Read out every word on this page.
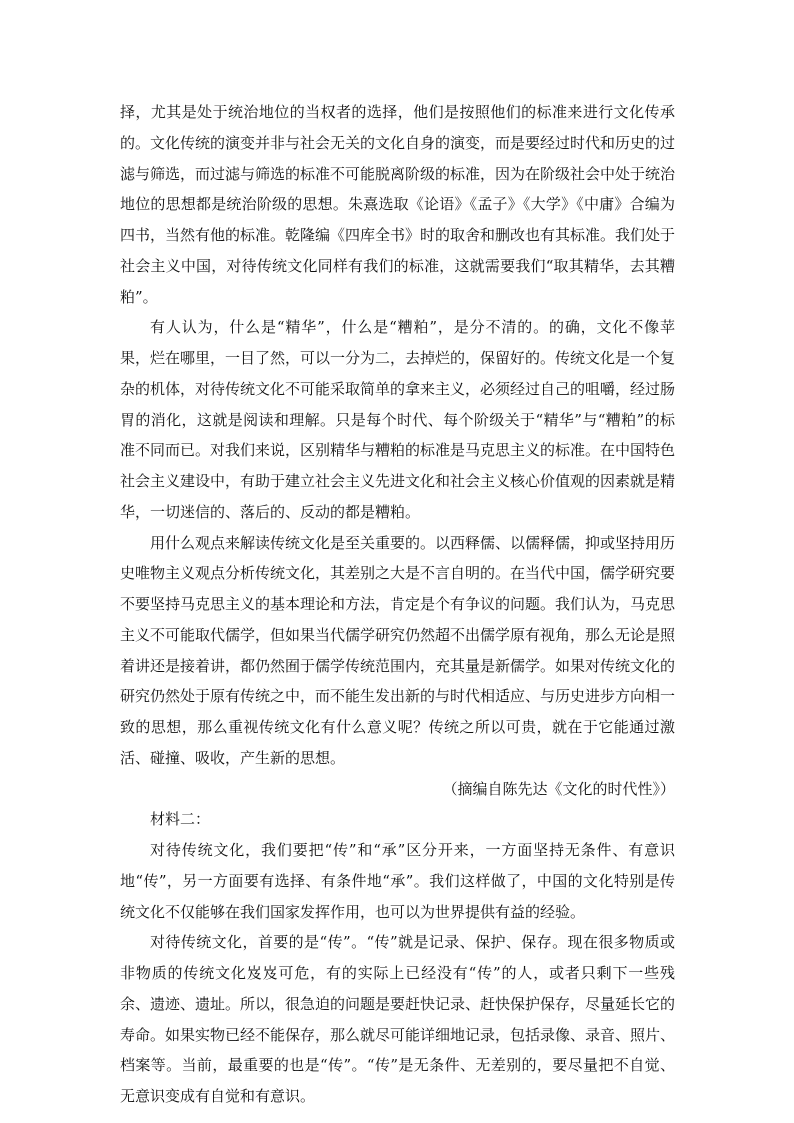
择，尤其是处于统治地位的当权者的选择，他们是按照他们的标准来进行文化传承的。文化传统的演变并非与社会无关的文化自身的演变，而是要经过时代和历史的过滤与筛选，而过滤与筛选的标准不可能脱离阶级的标准，因为在阶级社会中处于统治地位的思想都是统治阶级的思想。朱熹选取《论语》《孟子》《大学》《中庸》合编为四书，当然有他的标准。乾隆编《四库全书》时的取舍和删改也有其标准。我们处于社会主义中国，对待传统文化同样有我们的标准，这就需要我们“取其精华，去其糟粕”。

有人认为，什么是“精华”，什么是“糟粕”，是分不清的。的确，文化不像苹果，烂在哪里，一目了然，可以一分为二，去掉烂的，保留好的。传统文化是一个复杂的机体，对待传统文化不可能采取简单的拿来主义，必须经过自己的咀嚼，经过肠胃的消化，这就是阅读和理解。只是每个时代、每个阶级关于“精华”与“糟粕”的标准不同而已。对我们来说，区别精华与糟粕的标准是马克思主义的标准。在中国特色社会主义建设中，有助于建立社会主义先进文化和社会主义核心价值观的因素就是精华，一切迷信的、落后的、反动的都是糟粕。

用什么观点来解读传统文化是至关重要的。以西释儒、以儒释儒，抑或坚持用历史唯物主义观点分析传统文化，其差别之大是不言自明的。在当代中国，儒学研究要不要坚持马克思主义的基本理论和方法，肯定是个有争议的问题。我们认为，马克思主义不可能取代儒学，但如果当代儒学研究仍然超不出儒学原有视角，那么无论是照着讲还是接着讲，都仍然囿于儒学传统范围内，充其量是新儒学。如果对传统文化的研究仍然处于原有传统之中，而不能生发出新的与时代相适应、与历史进步方向相一致的思想，那么重视传统文化有什么意义呢？传统之所以可贵，就在于它能通过激活、碰撞、吸收，产生新的思想。

（摘编自陈先达《文化的时代性》）

材料二：

对待传统文化，我们要把“传”和“承”区分开来，一方面坚持无条件、有意识地“传”，另一方面要有选择、有条件地“承”。我们这样做了，中国的文化特别是传统文化不仅能够在我们国家发挥作用，也可以为世界提供有益的经验。

对待传统文化，首要的是“传”。“传”就是记录、保护、保存。现在很多物质或非物质的传统文化岌岌可危，有的实际上已经没有“传”的人，或者只剩下一些残余、遗迹、遗址。所以，很急迫的问题是要赶快记录、赶快保护保存，尽量延长它的寿命。如果实物已经不能保存，那么就尽可能详细地记录，包括录像、录音、照片、档案等。当前，最重要的也是“传”。“传”是无条件、无差别的，要尽量把不自觉、无意识变成有自觉和有意识。
